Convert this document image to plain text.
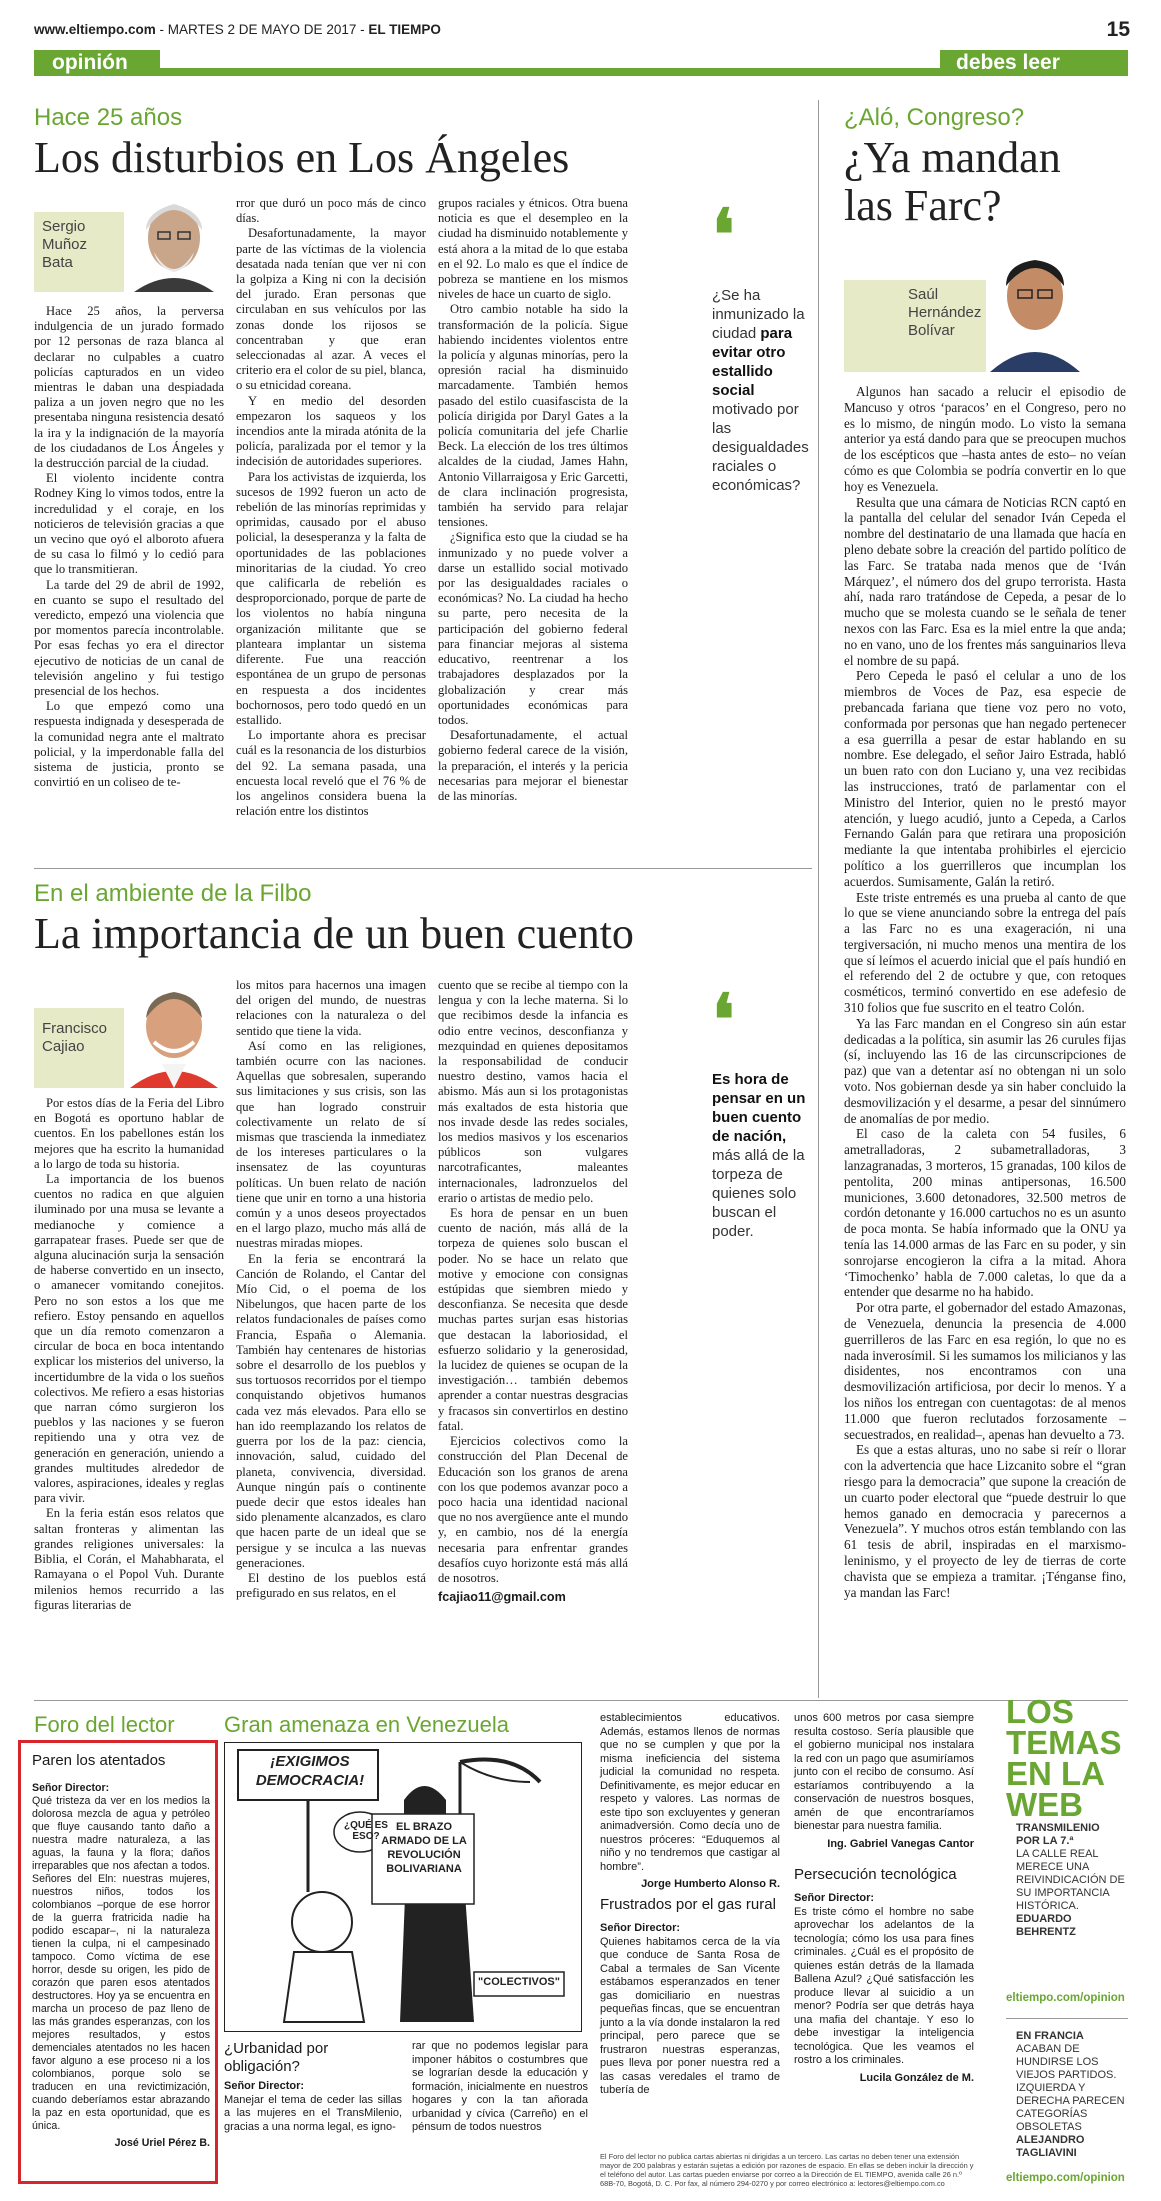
www.eltiempo.com - MARTES 2 DE MAYO DE 2017 - EL TIEMPO	15
opinión	debes leer
Hace 25 años
Los disturbios en Los Ángeles
Sergio Muñoz Bata

Hace 25 años, la perversa indulgencia de un jurado formado por 12 personas de raza blanca al declarar no culpables a cuatro policías capturados en un video mientras le daban una despiadada paliza a un joven negro que no les presentaba ninguna resistencia desató la ira y la indignación de la mayoría de los ciudadanos de Los Ángeles y la destrucción parcial de la ciudad.

El violento incidente contra Rodney King lo vimos todos, entre la incredulidad y el coraje, en los noticieros de televisión gracias a que un vecino que oyó el alboroto afuera de su casa lo filmó y lo cedió para que lo transmitieran.

La tarde del 29 de abril de 1992, en cuanto se supo el resultado del veredicto, empezó una violencia que por momentos parecía incontrolable. Por esas fechas yo era el director ejecutivo de noticias de un canal de televisión angelino y fui testigo presencial de los hechos.

Lo que empezó como una respuesta indignada y desesperada de la comunidad negra ante el maltrato policial, y la imperdonable falla del sistema de justicia, pronto se convirtió en un coliseo de te-

rror que duró un poco más de cinco días.

Desafortunadamente, la mayor parte de las víctimas de la violencia desatada nada tenían que ver ni con la golpiza a King ni con la decisión del jurado. Eran personas que circulaban en sus vehículos por las zonas donde los rijosos se concentraban y que eran seleccionadas al azar. A veces el criterio era el color de su piel, blanca, o su etnicidad coreana.

Y en medio del desorden empezaron los saqueos y los incendios ante la mirada atónita de la policía, paralizada por el temor y la indecisión de autoridades superiores.

Para los activistas de izquierda, los sucesos de 1992 fueron un acto de rebelión de las minorías reprimidas y oprimidas, causado por el abuso policial, la desesperanza y la falta de oportunidades de las poblaciones minoritarias de la ciudad. Yo creo que calificarla de rebelión es desproporcionado, porque de parte de los violentos no había ninguna organización militante que se planteara implantar un sistema diferente. Fue una reacción espontánea de un grupo de personas en respuesta a dos incidentes bochornosos, pero todo quedó en un estallido.

Lo importante ahora es precisar cuál es la resonancia de los disturbios del 92. La semana pasada, una encuesta local reveló que el 76 % de los angelinos considera buena la relación entre los distintos

grupos raciales y étnicos. Otra buena noticia es que el desempleo en la ciudad ha disminuido notablemente y está ahora a la mitad de lo que estaba en el 92. Lo malo es que el índice de pobreza se mantiene en los mismos niveles de hace un cuarto de siglo.

Otro cambio notable ha sido la transformación de la policía. Sigue habiendo incidentes violentos entre la policía y algunas minorías, pero la opresión racial ha disminuido marcadamente. También hemos pasado del estilo cuasifascista de la policía dirigida por Daryl Gates a la policía comunitaria del jefe Charlie Beck. La elección de los tres últimos alcaldes de la ciudad, James Hahn, Antonio Villarraigosa y Eric Garcetti, de clara inclinación progresista, también ha servido para relajar tensiones.

¿Significa esto que la ciudad se ha inmunizado y no puede volver a darse un estallido social motivado por las desigualdades raciales o económicas? No. La ciudad ha hecho su parte, pero necesita de la participación del gobierno federal para financiar mejoras al sistema educativo, reentrenar a los trabajadores desplazados por la globalización y crear más oportunidades económicas para todos.

Desafortunadamente, el actual gobierno federal carece de la visión, la preparación, el interés y la pericia necesarias para mejorar el bienestar de las minorías.

❛
¿Se ha inmunizado la ciudad para evitar otro estallido social motivado por las desigualdades raciales o económicas?
En el ambiente de la Filbo
La importancia de un buen cuento
Francisco Cajiao

Por estos días de la Feria del Libro en Bogotá es oportuno hablar de cuentos. En los pabellones están los mejores que ha escrito la humanidad a lo largo de toda su historia.

La importancia de los buenos cuentos no radica en que alguien iluminado por una musa se levante a medianoche y comience a garrapatear frases. Puede ser que de alguna alucinación surja la sensación de haberse convertido en un insecto, o amanecer vomitando conejitos. Pero no son estos a los que me refiero. Estoy pensando en aquellos que un día remoto comenzaron a circular de boca en boca intentando explicar los misterios del universo, la incertidumbre de la vida o los sueños colectivos. Me refiero a esas historias que narran cómo surgieron los pueblos y las naciones y se fueron repitiendo una y otra vez de generación en generación, uniendo a grandes multitudes alrededor de valores, aspiraciones, ideales y reglas para vivir.

En la feria están esos relatos que saltan fronteras y alimentan las grandes religiones universales: la Biblia, el Corán, el Mahabharata, el Ramayana o el Popol Vuh. Durante milenios hemos recurrido a las figuras literarias de

los mitos para hacernos una imagen del origen del mundo, de nuestras relaciones con la naturaleza o del sentido que tiene la vida.

Así como en las religiones, también ocurre con las naciones. Aquellas que sobresalen, superando sus limitaciones y sus crisis, son las que han logrado construir colectivamente un relato de sí mismas que trascienda la inmediatez de los intereses particulares o la insensatez de las coyunturas políticas. Un buen relato de nación tiene que unir en torno a una historia común y a unos deseos proyectados en el largo plazo, mucho más allá de nuestras miradas miopes.

En la feria se encontrará la Canción de Rolando, el Cantar del Mío Cid, o el poema de los Nibelungos, que hacen parte de los relatos fundacionales de países como Francia, España o Alemania. También hay centenares de historias sobre el desarrollo de los pueblos y sus tortuosos recorridos por el tiempo conquistando objetivos humanos cada vez más elevados. Para ello se han ido reemplazando los relatos de guerra por los de la paz: ciencia, innovación, salud, cuidado del planeta, convivencia, diversidad. Aunque ningún país o continente puede decir que estos ideales han sido plenamente alcanzados, es claro que hacen parte de un ideal que se persigue y se inculca a las nuevas generaciones.

El destino de los pueblos está prefigurado en sus relatos, en el

cuento que se recibe al tiempo con la lengua y con la leche materna. Si lo que recibimos desde la infancia es odio entre vecinos, desconfianza y mezquindad en quienes depositamos la responsabilidad de conducir nuestro destino, vamos hacia el abismo. Más aun si los protagonistas más exaltados de esta historia que nos invade desde las redes sociales, los medios masivos y los escenarios públicos son vulgares narcotraficantes, maleantes internacionales, ladronzuelos del erario o artistas de medio pelo.

Es hora de pensar en un buen cuento de nación, más allá de la torpeza de quienes solo buscan el poder. No se hace un relato que motive y emocione con consignas estúpidas que siembren miedo y desconfianza. Se necesita que desde muchas partes surjan esas historias que destacan la laboriosidad, el esfuerzo solidario y la generosidad, la lucidez de quienes se ocupan de la investigación… también debemos aprender a contar nuestras desgracias y fracasos sin convertirlos en destino fatal.

Ejercicios colectivos como la construcción del Plan Decenal de Educación son los granos de arena con los que podemos avanzar poco a poco hacia una identidad nacional que no nos avergüence ante el mundo y, en cambio, nos dé la energía necesaria para enfrentar grandes desafíos cuyo horizonte está más allá de nosotros.

fcajiao11@gmail.com

❛
Es hora de pensar en un buen cuento de nación, más allá de la torpeza de quienes solo buscan el poder.
¿Aló, Congreso?
¿Ya mandan
las Farc?
Saúl Hernández Bolívar

Algunos han sacado a relucir el episodio de Mancuso y otros ‘paracos’ en el Congreso, pero no es lo mismo, de ningún modo. Lo visto la semana anterior ya está dando para que se preocupen muchos de los escépticos que –hasta antes de esto– no veían cómo es que Colombia se podría convertir en lo que hoy es Venezuela.

Resulta que una cámara de Noticias RCN captó en la pantalla del celular del senador Iván Cepeda el nombre del destinatario de una llamada que hacía en pleno debate sobre la creación del partido político de las Farc. Se trataba nada menos que de ‘Iván Márquez’, el número dos del grupo terrorista. Hasta ahí, nada raro tratándose de Cepeda, a pesar de lo mucho que se molesta cuando se le señala de tener nexos con las Farc. Esa es la miel entre la que anda; no en vano, uno de los frentes más sanguinarios lleva el nombre de su papá.

Pero Cepeda le pasó el celular a uno de los miembros de Voces de Paz, esa especie de prebancada fariana que tiene voz pero no voto, conformada por personas que han negado pertenecer a esa guerrilla a pesar de estar hablando en su nombre. Ese delegado, el señor Jairo Estrada, habló un buen rato con don Luciano y, una vez recibidas las instrucciones, trató de parlamentar con el Ministro del Interior, quien no le prestó mayor atención, y luego acudió, junto a Cepeda, a Carlos Fernando Galán para que retirara una proposición mediante la que intentaba prohibirles el ejercicio político a los guerrilleros que incumplan los acuerdos. Sumisamente, Galán la retiró.

Este triste entremés es una prueba al canto de que lo que se viene anunciando sobre la entrega del país a las Farc no es una exageración, ni una tergiversación, ni mucho menos una mentira de los que sí leímos el acuerdo inicial que el país hundió en el referendo del 2 de octubre y que, con retoques cosméticos, terminó convertido en ese adefesio de 310 folios que fue suscrito en el teatro Colón.

Ya las Farc mandan en el Congreso sin aún estar dedicadas a la política, sin asumir las 26 curules fijas (sí, incluyendo las 16 de las circunscripciones de paz) que van a detentar así no obtengan ni un solo voto. Nos gobiernan desde ya sin haber concluido la desmovilización y el desarme, a pesar del sinnúmero de anomalías de por medio.

El caso de la caleta con 54 fusiles, 6 ametralladoras, 2 subametralladoras, 3 lanzagranadas, 3 morteros, 15 granadas, 100 kilos de pentolita, 200 minas antipersonas, 16.500 municiones, 3.600 detonadores, 32.500 metros de cordón detonante y 16.000 cartuchos no es un asunto de poca monta. Se había informado que la ONU ya tenía las 14.000 armas de las Farc en su poder, y sin sonrojarse encogieron la cifra a la mitad. Ahora ‘Timochenko’ habla de 7.000 caletas, lo que da a entender que desarme no ha habido.

Por otra parte, el gobernador del estado Amazonas, de Venezuela, denuncia la presencia de 4.000 guerrilleros de las Farc en esa región, lo que no es nada inverosímil. Si les sumamos los milicianos y las disidentes, nos encontramos con una desmovilización artificiosa, por decir lo menos. Y a los niños los entregan con cuentagotas: de al menos 11.000 que fueron reclutados forzosamente –secuestrados, en realidad–, apenas han devuelto a 73.

Es que a estas alturas, uno no sabe si reír o llorar con la advertencia que hace Lizcanito sobre el “gran riesgo para la democracia” que supone la creación de un cuarto poder electoral que “puede destruir lo que hemos ganado en democracia y parecernos a Venezuela”. Y muchos otros están temblando con las 61 tesis de abril, inspiradas en el marxismo-leninismo, y el proyecto de ley de tierras de corte chavista que se empieza a tramitar. ¡Ténganse fino, ya mandan las Farc!

Foro del lector
Paren los atentados
Señor Director:
Qué tristeza da ver en los medios la dolorosa mezcla de agua y petróleo que fluye causando tanto daño a nuestra madre naturaleza, a las aguas, la fauna y la flora; daños irreparables que nos afectan a todos. Señores del Eln: nuestras mujeres, nuestros niños, todos los colombianos –porque de ese horror de la guerra fratricida nadie ha podido escapar–, ni la naturaleza tienen la culpa, ni el campesinado tampoco. Como víctima de ese horror, desde su origen, les pido de corazón que paren esos atentados destructores. Hoy ya se encuentra en marcha un proceso de paz lleno de las más grandes esperanzas, con los mejores resultados, y estos demenciales atentados no les hacen favor alguno a ese proceso ni a los colombianos, porque solo se traducen en una revictimización, cuando deberíamos estar abrazando la paz en esta oportunidad, que es única.
José Uriel Pérez B.
Gran amenaza en Venezuela
¡EXIGIMOS DEMOCRACIA!
¿QUÉ ES ESO?
EL BRAZO ARMADO DE LA REVOLUCIÓN BOLIVARIANA
"COLECTIVOS"
Mil
¿Urbanidad por obligación?
Señor Director:
Manejar el tema de ceder las sillas a las mujeres en el TransMilenio, gracias a una norma legal, es igno-
rar que no podemos legislar para imponer hábitos o costumbres que se lograrían desde la educación y formación, inicialmente en nuestros hogares y con la tan añorada urbanidad y cívica (Carreño) en el pénsum de todos nuestros
establecimientos educativos. Además, estamos llenos de normas que no se cumplen y que por la misma ineficiencia del sistema judicial la comunidad no respeta. Definitivamente, es mejor educar en respeto y valores. Las normas de este tipo son excluyentes y generan animadversión. Como decía uno de nuestros próceres: “Eduquemos al niño y no tendremos que castigar al hombre”.
Jorge Humberto Alonso R.
Frustrados por el gas rural
Señor Director:
Quienes habitamos cerca de la vía que conduce de Santa Rosa de Cabal a termales de San Vicente estábamos esperanzados en tener gas domiciliario en nuestras pequeñas fincas, que se encuentran junto a la vía donde instalaron la red principal, pero parece que se frustraron nuestras esperanzas, pues lleva por poner nuestra red a las casas veredales el tramo de tubería de
unos 600 metros por casa siempre resulta costoso. Sería plausible que el gobierno municipal nos instalara la red con un pago que asumiríamos junto con el recibo de consumo. Así estaríamos contribuyendo a la conservación de nuestros bosques, amén de que encontraríamos bienestar para nuestra familia.
Ing. Gabriel Vanegas Cantor
Persecución tecnológica
Señor Director:
Es triste cómo el hombre no sabe aprovechar los adelantos de la tecnología; cómo los usa para fines criminales. ¿Cuál es el propósito de quienes están detrás de la llamada Ballena Azul? ¿Qué satisfacción les produce llevar al suicidio a un menor? Podría ser que detrás haya una mafia del chantaje. Y eso lo debe investigar la inteligencia tecnológica. Que les veamos el rostro a los criminales.
Lucila González de M.
El Foro del lector no publica cartas abiertas ni dirigidas a un tercero. Las cartas no deben tener una extensión mayor de 200 palabras y estarán sujetas a edición por razones de espacio. En ellas se deben incluir la dirección y el teléfono del autor. Las cartas pueden enviarse por correo a la Dirección de EL TIEMPO, avenida calle 26 n.º 68B-70, Bogotá, D. C. Por fax, al número 294-0270 y por correo electrónico a: lectores@eltiempo.com.co
LOS TEMAS EN LA WEB
TRANSMILENIO POR LA 7.ª
LA CALLE REAL MERECE UNA REIVINDICACIÓN DE SU IMPORTANCIA HISTÓRICA.
EDUARDO BEHRENTZ
eltiempo.com/opinion
EN FRANCIA
ACABAN DE HUNDIRSE LOS VIEJOS PARTIDOS. IZQUIERDA Y DERECHA PARECEN CATEGORÍAS OBSOLETAS
ALEJANDRO TAGLIAVINI
eltiempo.com/opinion
